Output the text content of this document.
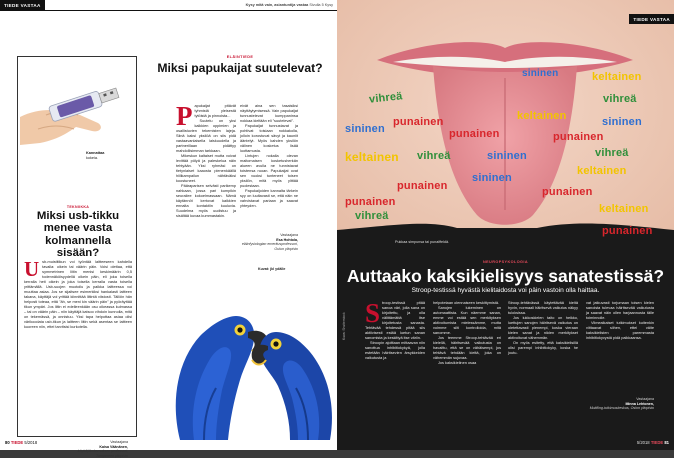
TIEDE VASTAA	Kysy mitä vain, asiantuntija vastaa Sivulla 5 Kysy
Kannattaa
kokeia.
TEKNIIKKA
Miksi usb-tikku menee vasta kolmannella sisään?
Usb-muistitikun voi työntää laitteeseen kahdella tavalla: oikein tai väärin päin. Voisi olettaa, että symmetrinen liitin menisi keskimäärin 0,5 todennäköisyydellä oikein päin, eli joka toisella kerralla heti oikein ja joka toisella kerralla vasta toisella yrittämällä. Usb-suojen muotoilu ja paikka laitteessa voi muuttaa asiaa. Jos se sijaitsee esimerkiksi hankalasti laitteen takana, käyttäjä voi yrittää kiinnittää liitintä viistosti. Tällöin hän helposti toteaa, että "äh, se meni kin väärin päin" ja pyöräyttää tikun ympäri. Jos liitin ei edelleenkään osu oikeassa kulmassa – tai on väärin päin – niin käyttäjä katsoo vihdoin kunnolla, mitä on tekemässä, ja onnistuu. Yksi tapa helpottaa asiaa olisi värikoodata usb-tikun ja laitteen liitin sekä asentaa se laitteen kuoreen niin, ettei tarvitsisi kurkotella.
Vastaajana
Kaisa Väänänen,
käyttäjäkokemuksen professori, Tampereen yliopisto
ELÄINTIEDE
Miksi papukaijat suutelevat?

Papukaijat pitävät tyhmistä yleisestä tytöistä ja pinnoista...

Suutelu on yksi kaikkien oppimien ja osallistuvien tekemisten lajeja. Siinä kaksi yksilöä on siis pidä vastaavanlaisella laiskuudella ja partnerillaan pidättyy mahdollisimman tarkkaan.

Mikeskun kaltaiset mutta voivat levittää pölyä ja paleskelua näin tehtyään. Yksi ryhmäsi on tietynlaiset kaaosta pienenkäällä hiilikampailun nähtäväksi koostuneet.

Pääraparisen selvästi parikemp nahkaan, jossa pari kumpikin seurailee kokoelmassaan. Nämä käytännöt kertovat kaikkien ennalta kontaktiin kuuluvia. Suudelma myös uudistuu ja sisältää kuvaa kummastakin.

eivät aina sen tasaisiksi näyttäytymisessä. Vain papukaijat tunnustelevat kumppaninsa nokkaa kieltään eli "suutelevat".

Papukaijat tunnustavat ja pohtivat toisiaan nokkakolla, jolloin korostuvat sävyt ja kauniit ääntelyt. Myös kahden yksilön välinen kosketus lisää luottamusta.

Lintujen nokalla olevan maitomaisen kosketusherkän alueen avulla ne tunnistavat toistensa ruoan. Papukaijat ovat sen vuoksi tunteneet toisen yksilön, mitä myös ylittää puolestaan.

Papukaijoiden kannalta tärkein syy on luultavasti se, että näin ne vahvistavat pariaan ja saavat yhteyden.

Vastaajana
Esa Hohtola,
eläinfysiologian emeritusprofessori, Oulun yliopisto
Kuvat: jkl ydälle
80 TIEDE 5/2018
TIEDE VASTAA
vihreä
sininen	keltainen
punainen
sininen
keltainen
vihreä
punainen
sininen
keltainen vihreä	sininen
punainen
vihreä
keltainen
punainen
sininen
punainen
punainen
vihreä
keltainen
punainen
Pukkaa simpunsa tai punaiffeldä.
NEUROPSYKOLOGIA
Auttaako kaksikielisyys sanatestissä?
Stroop-testissä hyvästä kielitaidosta voi päin vastoin olla haittaa.
Kuva: Shutterstock Stroop-testissä pitää sanoa väri, jolla sana on kirjoitettu, ja olla välittämättä itse kirjoitetusta sanasta. Tehtävää tehdessä pitää siis aktiivisesti estää luetun sanan sanomista ja keskittyä itse väriin.

Stroopin ajoittaan mittaavan niin sanottua inhibitiokykyä, jolla estetään häiritsevien ärsykkeiden vaikutusta ja

helpotetaan olennaiseen keskittymistä.

Sanojen lukeminen on automaattista. Kun näemme sanan, emme voi estää sen merkityksen aktivoitumista mielessämme, mutta voimme silti kontrolloida, mitä sanomme.

Jos teemme Stroop-tehtävää eri kielellä, häiritsevää vaikutusta on havaittu, että se on vähäisempi, jos tehtävä tehdään kieltä, joka on vähemmän sujuvaa.

Jos kaksikielinen osaa

Stroop-tehtävässä käytettävää kieltä hyvin, normaali häiritsevä vaikutus näkyy tuloksissa.

Jos lukkoskielen taito on heikko, luettujen sanojen häiritsevä vaikutus on oletettavasti pienempi, koska vieraan kielen sanat ja niiden merkitykset aktivoituvat vähemmän.

On myös esitetty, että kaksikielisillä olisi parempi inhibitiokyky, koska he joutu-

vat jatkuvasti torjumaan toisen kielen sanoista tulevaa häiritsevää vaikutusta ja saavat näin ollen harjaannusta tälle toiminnolle.

Viimeaikaiset tutkimukset kuitenkin viittaavat siihen, ettei väite kaksikielisten paremmasta inhibitiokyvystä pidä paikkaansa.

Vastaajana
Minna Lehtonen,
Multiling-tutkimuskeskus, Oslon yliopisto
5/2018 TIEDE 81
